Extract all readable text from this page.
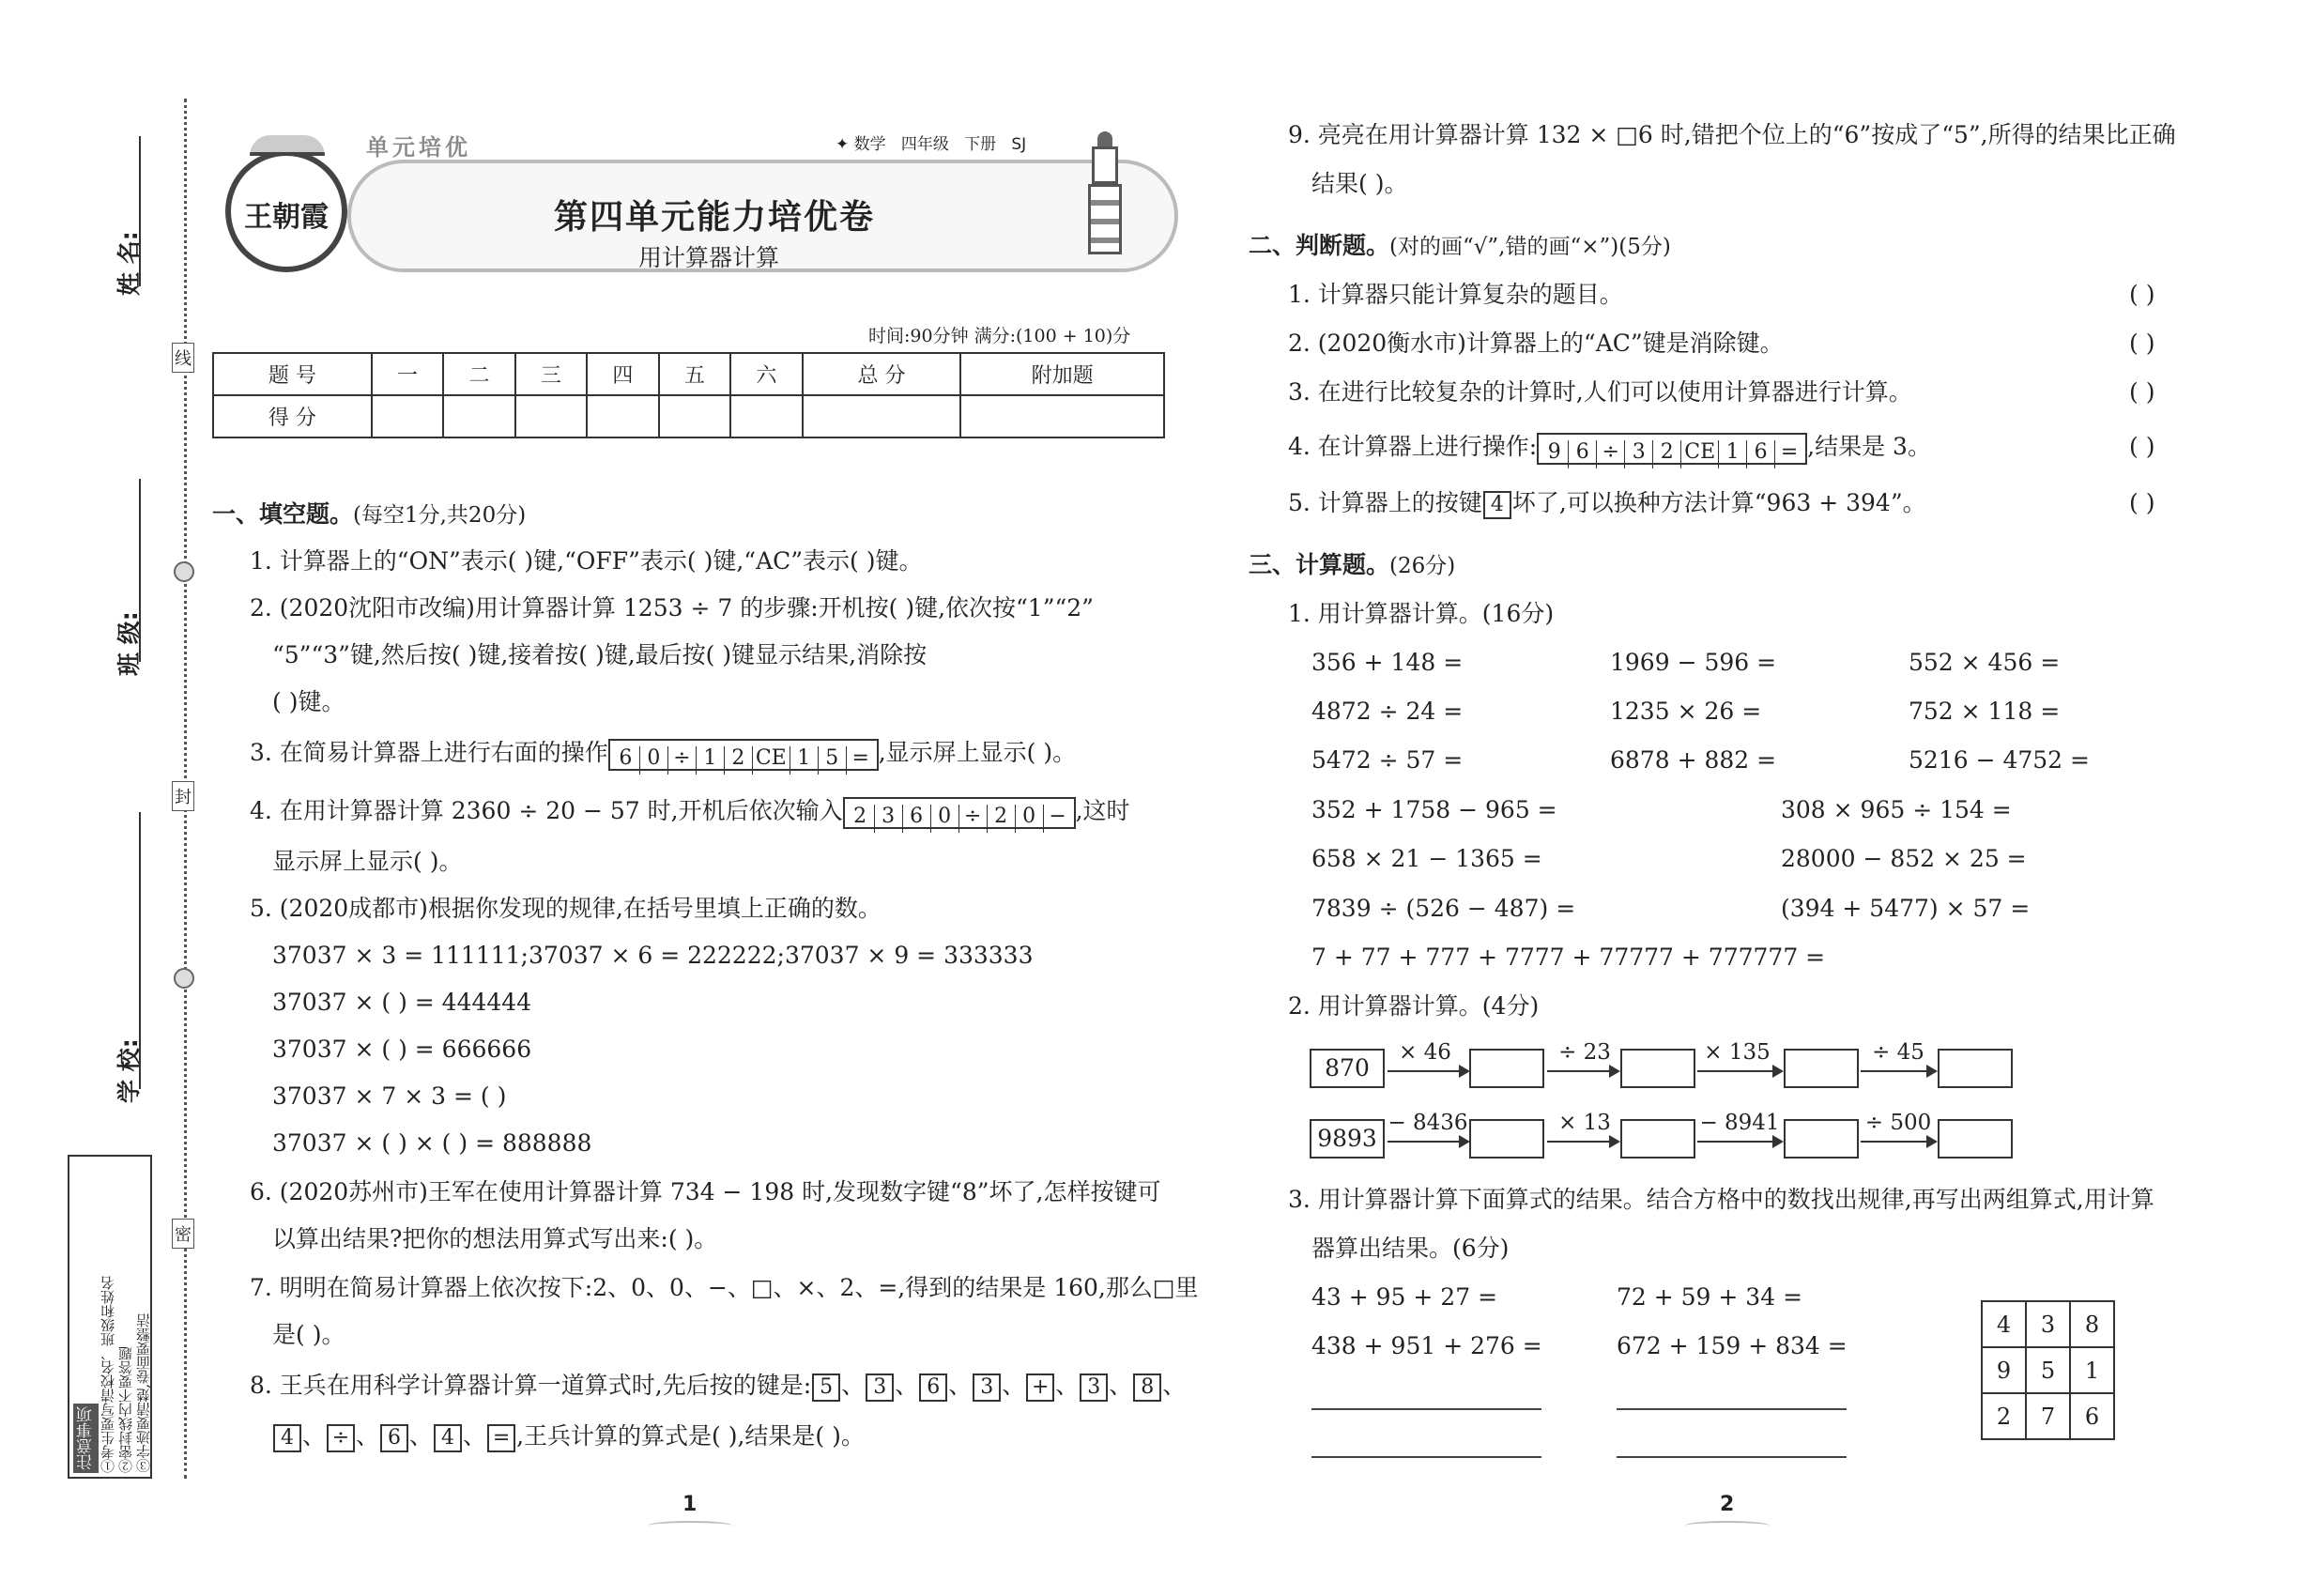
线
封
密
姓 名:
班 级:
学 校:
注意事项 ①考生要写清校名、班级和姓名 ②密封线内不要答题 ③字迹要清楚,卷面要整洁
王朝霞
单元培优	✦ 数学 四年级 下册 SJ
第四单元能力培优卷
用计算器计算
时间:90分钟 满分:(100 + 10)分
题 号	一	二	三	四	五	六	总 分	附加题
得 分								
一、填空题。(每空1分,共20分)
1. 计算器上的“ON”表示( )键,“OFF”表示( )键,“AC”表示( )键。
2. (2020沈阳市改编)用计算器计算 1253 ÷ 7 的步骤:开机按( )键,依次按“1”“2”
“5”“3”键,然后按( )键,接着按( )键,最后按( )键显示结果,消除按
( )键。
3. 在简易计算器上进行右面的操作 6 0 ÷ 1 2 CE 1 5 = ,显示屏上显示( )。
4. 在用计算器计算 2360 ÷ 20 − 57 时,开机后依次输入 2 3 6 0 ÷ 2 0 − ,这时
显示屏上显示( )。
5. (2020成都市)根据你发现的规律,在括号里填上正确的数。
37037 × 3 = 111111;37037 × 6 = 222222;37037 × 9 = 333333
37037 × ( ) = 444444
37037 × ( ) = 666666
37037 × 7 × 3 = ( )
37037 × ( ) × ( ) = 888888
6. (2020苏州市)王军在使用计算器计算 734 − 198 时,发现数字键“8”坏了,怎样按键可
以算出结果?把你的想法用算式写出来:( )。
7. 明明在简易计算器上依次按下:2、0、0、−、□、×、2、=,得到的结果是 160,那么□里
是( )。
8. 王兵在用科学计算器计算一道算式时,先后按的键是: 5 、 3 、 6 、 3 、 + 、 3 、 8 、
4 、 ÷ 、 6 、 4 、 = ,王兵计算的算式是( ),结果是( )。
1
9. 亮亮在用计算器计算 132 × □6 时,错把个位上的“6”按成了“5”,所得的结果比正确
结果( )。
二、判断题。(对的画“√”,错的画“×”)(5分)
1. 计算器只能计算复杂的题目。	( )
2. (2020衡水市)计算器上的“AC”键是消除键。	( )
3. 在进行比较复杂的计算时,人们可以使用计算器进行计算。	( )
4. 在计算器上进行操作: 9 6 ÷ 3 2 CE 1 6 = ,结果是 3。	( )
5. 计算器上的按键 4 坏了,可以换种方法计算“963 + 394”。	( )
三、计算题。(26分)
1. 用计算器计算。(16分)
356 + 148 =	1969 − 596 =	552 × 456 =
4872 ÷ 24 =	1235 × 26 =	752 × 118 =
5472 ÷ 57 =	6878 + 882 =	5216 − 4752 =
352 + 1758 − 965 =	308 × 965 ÷ 154 =
658 × 21 − 1365 =	28000 − 852 × 25 =
7839 ÷ (526 − 487) =	(394 + 5477) × 57 =
7 + 77 + 777 + 7777 + 77777 + 777777 =
2. 用计算器计算。(4分)
870
× 46	÷ 23	× 135	÷ 45
9893
− 8436	× 13	− 8941	÷ 500
3. 用计算器计算下面算式的结果。结合方格中的数找出规律,再写出两组算式,用计算
器算出结果。(6分)
43 + 95 + 27 =	72 + 59 + 34 =
438 + 951 + 276 =	672 + 159 + 834 =
4	3	8
9	5	1
2	7	6
2
